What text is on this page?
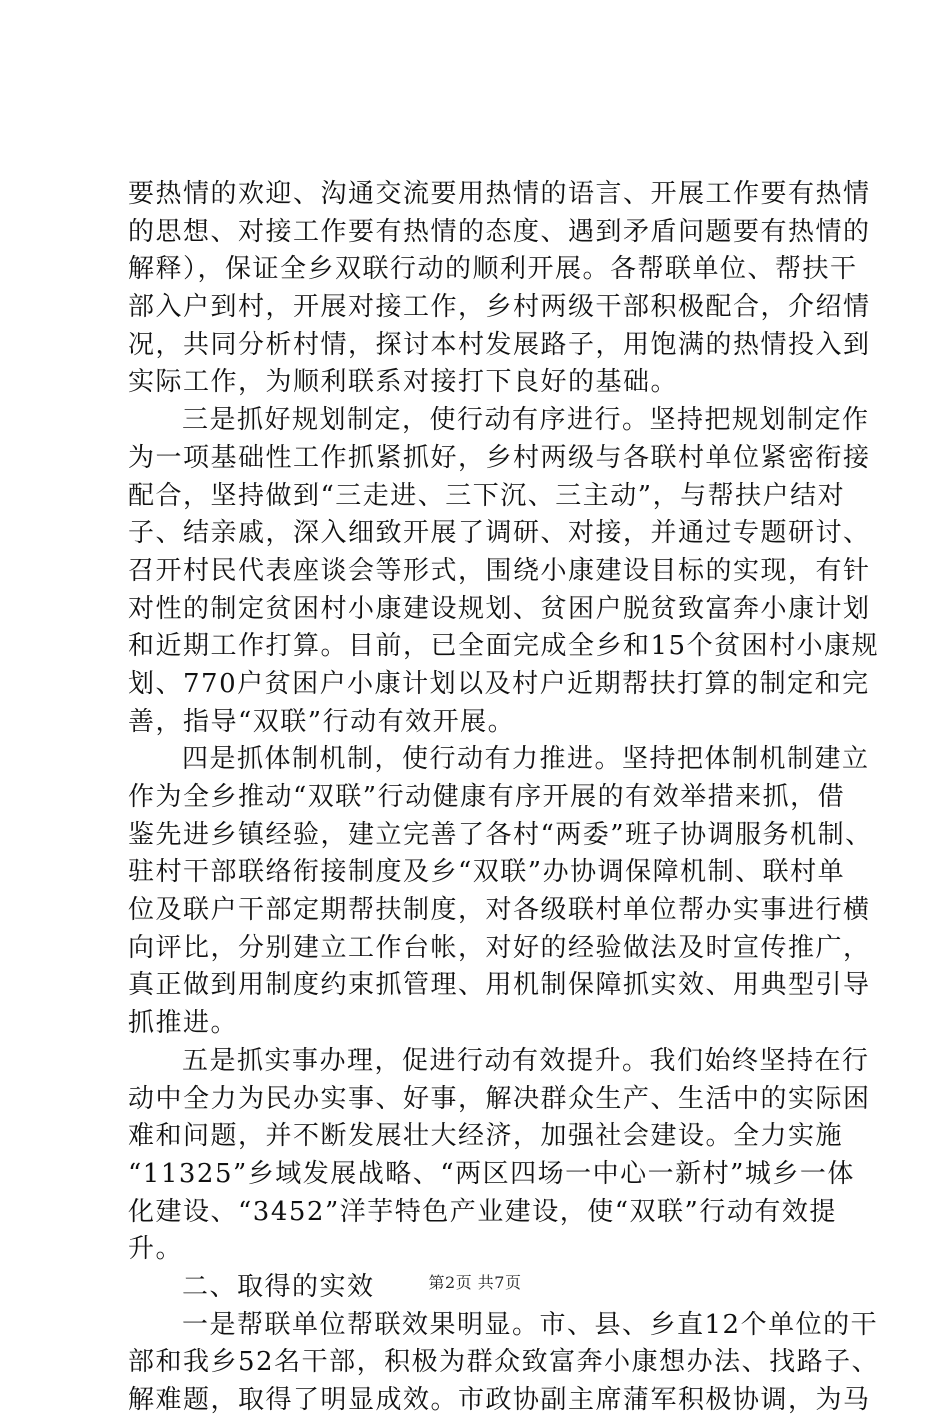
要热情的欢迎、沟通交流要用热情的语言、开展工作要有热情
的思想、对接工作要有热情的态度、遇到矛盾问题要有热情的
解释），保证全乡双联行动的顺利开展。各帮联单位、帮扶干
部入户到村，开展对接工作，乡村两级干部积极配合，介绍情
况，共同分析村情，探讨本村发展路子，用饱满的热情投入到
实际工作，为顺利联系对接打下良好的基础。
三是抓好规划制定，使行动有序进行。坚持把规划制定作
为一项基础性工作抓紧抓好，乡村两级与各联村单位紧密衔接
配合，坚持做到“三走进、三下沉、三主动”，与帮扶户结对
子、结亲戚，深入细致开展了调研、对接，并通过专题研讨、
召开村民代表座谈会等形式，围绕小康建设目标的实现，有针
对性的制定贫困村小康建设规划、贫困户脱贫致富奔小康计划
和近期工作打算。目前，已全面完成全乡和15个贫困村小康规
划、770户贫困户小康计划以及村户近期帮扶打算的制定和完
善，指导“双联”行动有效开展。
四是抓体制机制，使行动有力推进。坚持把体制机制建立
作为全乡推动“双联”行动健康有序开展的有效举措来抓，借
鉴先进乡镇经验，建立完善了各村“两委”班子协调服务机制、
驻村干部联络衔接制度及乡“双联”办协调保障机制、联村单
位及联户干部定期帮扶制度，对各级联村单位帮办实事进行横
向评比，分别建立工作台帐，对好的经验做法及时宣传推广，
真正做到用制度约束抓管理、用机制保障抓实效、用典型引导
抓推进。
五是抓实事办理，促进行动有效提升。我们始终坚持在行
动中全力为民办实事、好事，解决群众生产、生活中的实际困
难和问题，并不断发展壮大经济，加强社会建设。全力实施
“11325”乡域发展战略、“两区四场一中心一新村”城乡一体
化建设、“3452”洋芋特色产业建设，使“双联”行动有效提
升。
二、取得的实效
一是帮联单位帮联效果明显。市、县、乡直12个单位的干
部和我乡52名干部，积极为群众致富奔小康想办法、找路子、
解难题，取得了明显成效。市政协副主席蒲军积极协调，为马
第2页 共7页
